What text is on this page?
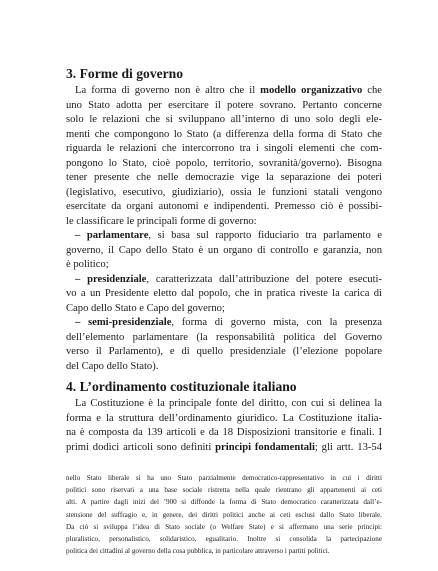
3. Forme di governo

La forma di governo non è altro che il modello organizzativo che

uno Stato adotta per esercitare il potere sovrano. Pertanto concerne

solo le relazioni che si sviluppano all’interno di uno solo degli ele-

menti che compongono lo Stato (a differenza della forma di Stato che

riguarda le relazioni che intercorrono tra i singoli elementi che com-

pongono lo Stato, cioè popolo, territorio, sovranità/governo). Bisogna

tener presente che nelle democrazie vige la separazione dei poteri

(legislativo, esecutivo, giudiziario), ossia le funzioni statali vengono

esercitate da organi autonomi e indipendenti. Premesso ciò è possibi-

le classificare le principali forme di governo:

– parlamentare, si basa sul rapporto fiduciario tra parlamento e

governo, il Capo dello Stato è un organo di controllo e garanzia, non

è politico;

– presidenziale, caratterizzata dall’attribuzione del potere esecuti-

vo a un Presidente eletto dal popolo, che in pratica riveste la carica di

Capo dello Stato e Capo del governo;

– semi-presidenziale, forma di governo mista, con la presenza

dell’elemento parlamentare (la responsabilità politica del Governo

verso il Parlamento), e di quello presidenziale (l’elezione popolare

del Capo dello Stato).

4. L’ordinamento costituzionale italiano

La Costituzione è la principale fonte del diritto, con cui si delinea la

forma e la struttura dell’ordinamento giuridico. La Costituzione italia-

na è composta da 139 articoli e da 18 Disposizioni transitorie e finali. I

primi dodici articoli sono definiti principi fondamentali; gli artt. 13-54

nello Stato liberale si ha uno Stato parzialmente democratico-rappresentativo in cui i diritti

politici sono riservati a una base sociale ristretta nella quale rientrano gli appartenenti ai ceti

alti. A partire dagli inizi del ’900 si diffonde la forma di Stato democratico caratterizzata dall’e-

stensione del suffragio e, in genere, dei diritti politici anche ai ceti esclusi dallo Stato liberale.

Da ciò si sviluppa l’idea di Stato sociale (o Welfare State) e si affermano una serie principi:

pluralistico, personalistico, solidaristico, egualitario. Inoltre si consolida la partecipazione

politica dei cittadini al governo della cosa pubblica, in particolare attraverso i partiti politici.
